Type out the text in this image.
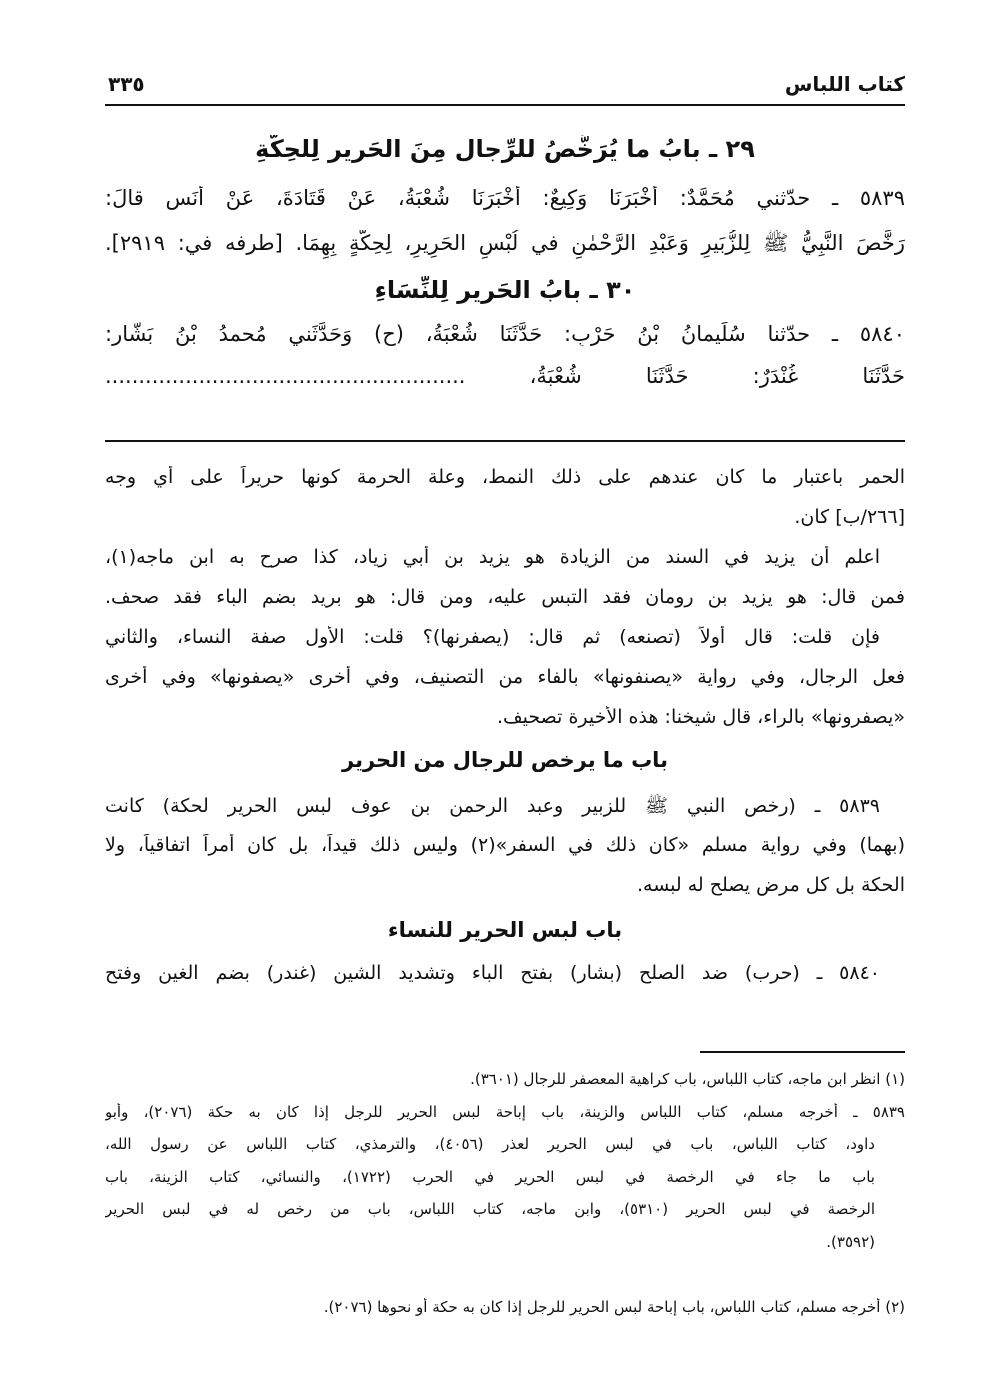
كتاب اللباس
٣٣٥
٢٩ ـ بابُ ما يُرَخَّصُ للرِّجالِ مِنَ الحَرِيرِ لِلحِكَّةِ
٥٨٣٩ ـ حدّثني مُحَمَّدٌ: أَخْبَرَنَا وَكِيعٌ: أَخْبَرَنَا شُعْبَةُ، عَنْ قَتَادَةَ، عَنْ أَنَسٍ قالَ:
رَخَّصَ النَّبِيُّ ﷺ لِلزُّبَيرِ وَعَبْدِ الرَّحْمٰنِ في لُبْسِ الحَرِيرِ، لِحِكَّةٍ بِهِمَا. [طرفه في: ٢٩١٩].
٣٠ ـ بابُ الحَرِيرِ لِلنِّسَاءِ
٥٨٤٠ ـ حدّثنا سُلَيمانُ بْنُ حَرْبٍ: حَدَّثَنَا شُعْبَةُ، (ح) وَحَدَّثَني مُحمدُ بْنُ بَشَّارٍ:
حَدَّثَنَا غُنْدَرٌ: حَدَّثَنَا شُعْبَةُ، ......................................................
الحمر باعتبار ما كان عندهم على ذلك النمط، وعلة الحرمة كونها حريراً على أي وجه
[٢٦٦/ب] كان.
اعلم أن يزيد في السند من الزيادة هو يزيد بن أبي زياد، كذا صرح به ابن ماجه(١)،
فمن قال: هو يزيد بن رومان فقد التبس عليه، ومن قال: هو بريد بضم الباء فقد صحف.
فإن قلت: قال أولاً (تصنعه) ثم قال: (يصفرنها)؟ قلت: الأول صفة النساء، والثاني
فعل الرجال، وفي رواية «يصنفونها» بالفاء من التصنيف، وفي أخرى «يصفونها» وفي أخرى
«يصفرونها» بالراء، قال شيخنا: هذه الأخيرة تصحيف.
باب ما يرخص للرجال من الحرير
٥٨٣٩ ـ (رخص النبي ﷺ للزبير وعبد الرحمن بن عوف لبس الحرير لحكة) كانت
(بهما) وفي رواية مسلم «كان ذلك في السفر»(٢) وليس ذلك قيداً، بل كان أمراً اتفاقياً، ولا
الحكة بل كل مرض يصلح له لبسه.
باب لبس الحرير للنساء
٥٨٤٠ ـ (حرب) ضد الصلح (بشار) بفتح الباء وتشديد الشين (غندر) بضم الغين وفتح
(١) انظر ابن ماجه، كتاب اللباس، باب كراهية المعصفر للرجال (٣٦٠١).
٥٨٣٩ ـ أخرجه مسلم، كتاب اللباس والزينة، باب إباحة لبس الحرير للرجل إذا كان به حكة (٢٠٧٦)، وأبو
داود، كتاب اللباس، باب في لبس الحرير لعذر (٤٠٥٦)، والترمذي، كتاب اللباس عن رسول الله،
باب ما جاء في الرخصة في لبس الحرير في الحرب (١٧٢٢)، والنسائي، كتاب الزينة، باب
الرخصة في لبس الحرير (٥٣١٠)، وابن ماجه، كتاب اللباس، باب من رخص له في لبس الحرير
(٣٥٩٢).
(٢) أخرجه مسلم، كتاب اللباس، باب إباحة لبس الحرير للرجل إذا كان به حكة أو نحوها (٢٠٧٦).
